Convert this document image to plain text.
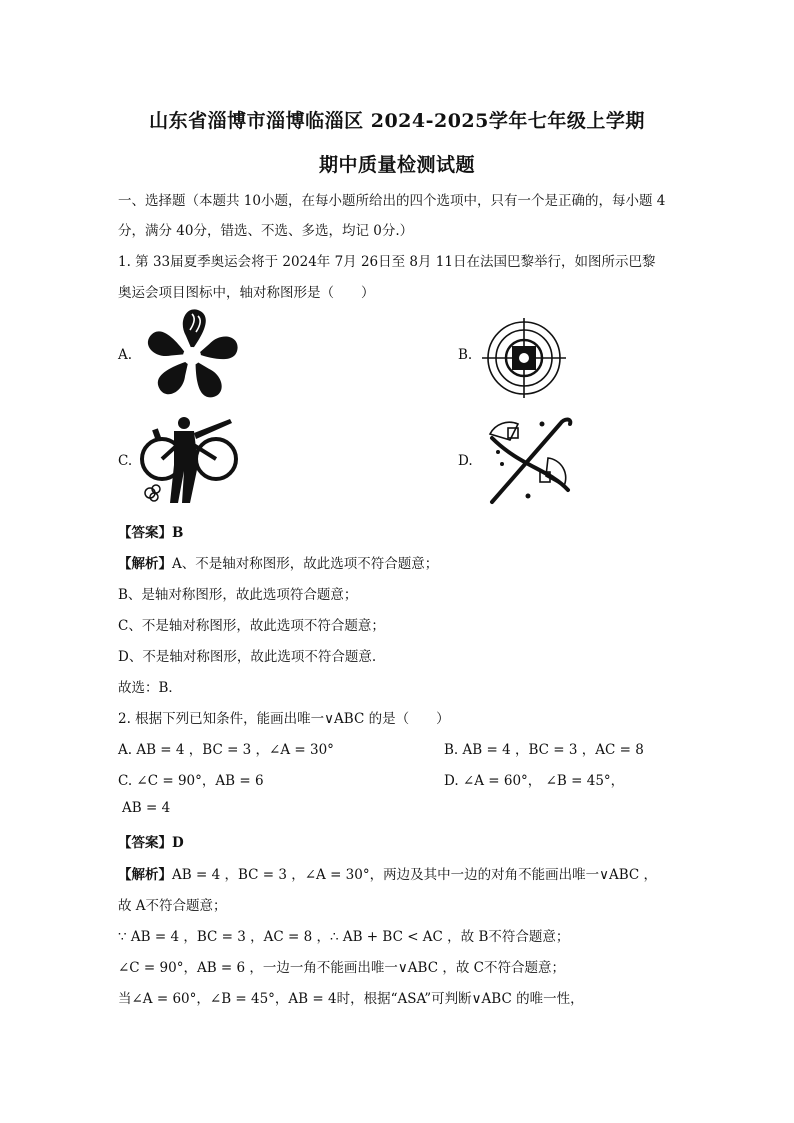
山东省淄博市淄博临淄区 2024-2025学年七年级上学期
期中质量检测试题
一、选择题（本题共 10小题，在每小题所给出的四个选项中，只有一个是正确的，每小题 4
分，满分 40分，错选、不选、多选，均记 0分.）
1. 第 33届夏季奥运会将于 2024年 7月 26日至 8月 11日在法国巴黎举行，如图所示巴黎
奥运会项目图标中，轴对称图形是（　　）
A.	B.
C.	D.
【答案】B
【解析】A、不是轴对称图形，故此选项不符合题意；
B、是轴对称图形，故此选项符合题意；
C、不是轴对称图形，故此选项不符合题意；
D、不是轴对称图形，故此选项不符合题意.
故选：B．
2. 根据下列已知条件，能画出唯一∨ABC 的是（　　）
A. AB = 4 ，BC = 3 ，∠A = 30°	B. AB = 4 ，BC = 3 ，AC = 8
C. ∠C = 90°，AB = 6	D. ∠A = 60°， ∠B = 45°，
AB = 4
【答案】D
【解析】AB = 4 ，BC = 3 ，∠A = 30°，两边及其中一边的对角不能画出唯一∨ABC ，
故 A不符合题意；
∵ AB = 4 ，BC = 3 ，AC = 8 ，∴ AB + BC < AC ，故 B不符合题意；
∠C = 90°，AB = 6 ，一边一角不能画出唯一∨ABC ，故 C不符合题意；
当∠A = 60°，∠B = 45°，AB = 4时，根据“ASA”可判断∨ABC 的唯一性，
